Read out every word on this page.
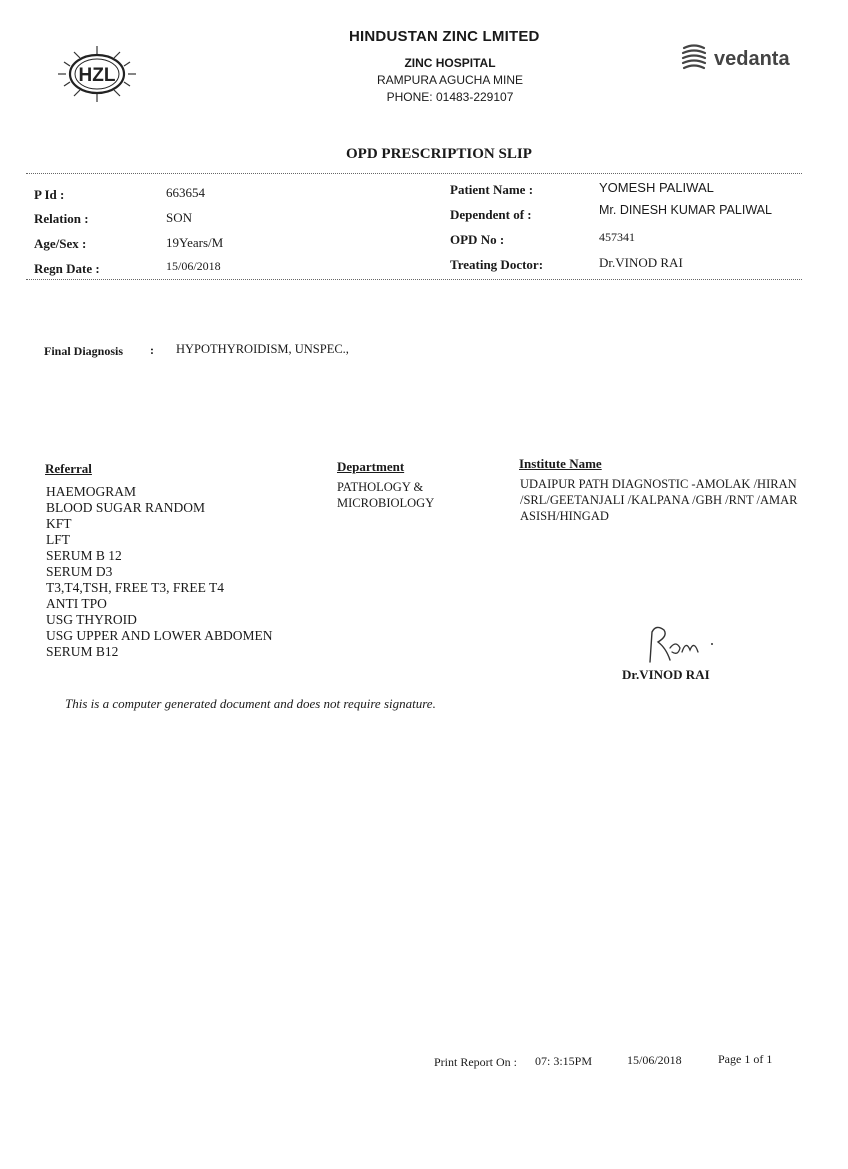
HZL
HINDUSTAN ZINC LMITED
ZINC HOSPITAL
RAMPURA AGUCHA MINE
PHONE: 01483-229107
vedanta
OPD PRESCRIPTION SLIP
P Id :	663654
Relation :	SON
Age/Sex :	19Years/M
Regn Date :	15/06/2018
Patient Name :	YOMESH PALIWAL
Dependent of :	Mr. DINESH KUMAR PALIWAL
OPD No :	457341
Treating Doctor:	Dr.VINOD RAI
Final Diagnosis : HYPOTHYROIDISM, UNSPEC.,
Referral
HAEMOGRAM
BLOOD SUGAR RANDOM
KFT
LFT
SERUM B 12
SERUM D3
T3,T4,TSH, FREE T3, FREE T4
ANTI TPO
USG THYROID
USG UPPER AND LOWER ABDOMEN
SERUM B12
Department
PATHOLOGY &
MICROBIOLOGY
Institute Name
UDAIPUR PATH DIAGNOSTIC -AMOLAK /HIRAN /SRL/GEETANJALI /KALPANA /GBH /RNT /AMAR ASISH/HINGAD
Dr.VINOD RAI
This is a computer generated document and does not require signature.
Print Report On : 07: 3:15PM	15/06/2018	Page 1 of 1
